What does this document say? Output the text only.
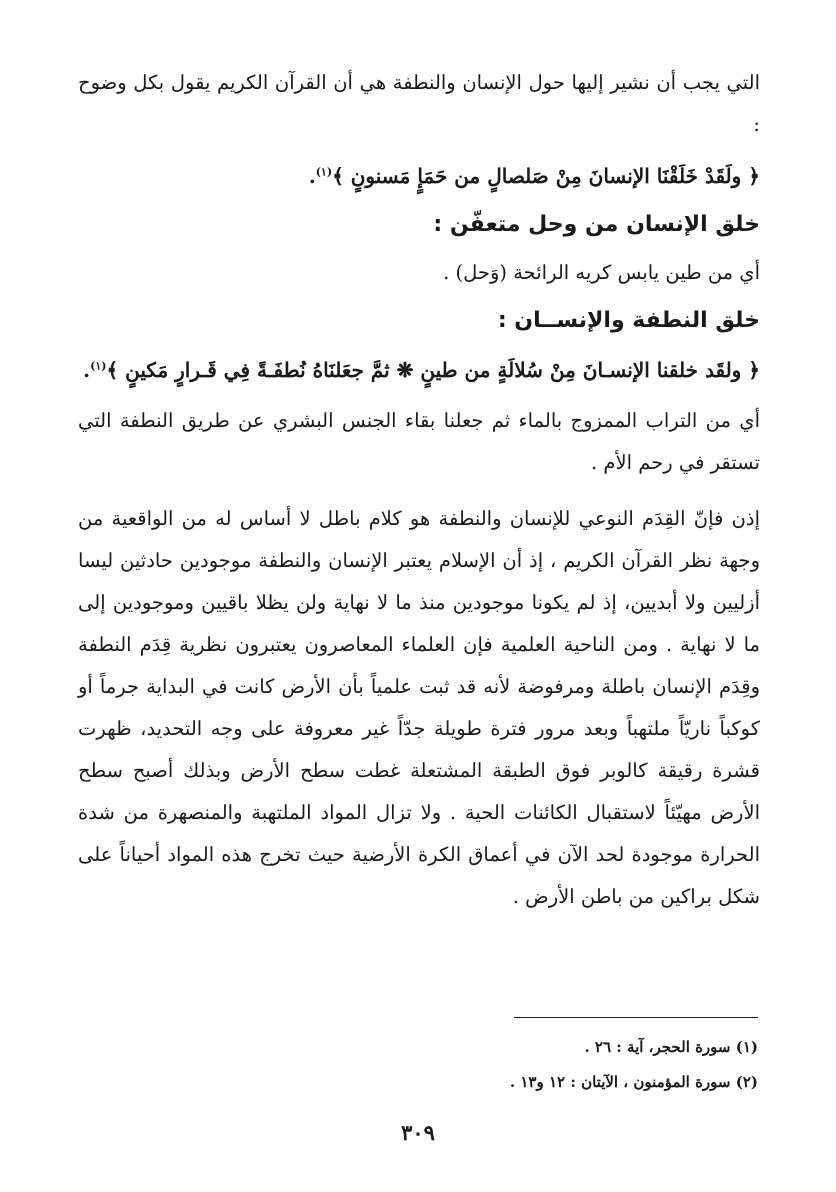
التي يجب أن نشير إليها حول الإنسان والنطفة هي أن القرآن الكريم يقول بكل وضوح :

﴿ ولَقَدْ خَلَقْنَا الإنسانَ مِنْ صَلصالٍ من حَمَإٍ مَسنونٍ ﴾$^{(١)}$.

خلق الإنسان من وحل متعفّن :

أي من طين يابس كريه الرائحة (وَحل) .

خلق النطفة والإنســان :

﴿ ولقَد خلقنا الإنسـانَ مِنْ سُلالَةٍ من طينٍ ❋ ثمَّ جعَلنَاهُ نُطفَـةً فِي قَـرارٍ مَكينٍ ﴾$^{(١)}$.

أي من التراب الممزوج بالماء ثم جعلنا بقاء الجنس البشري عن طريق النطفة التي تستقر في رحم الأم .

إذن فإنّ القِدَم النوعي للإنسان والنطفة هو كلام باطل لا أساس له من الواقعية من وجهة نظر القرآن الكريم ، إذ أن الإسلام يعتبر الإنسان والنطفة موجودين حادثين ليسا أزليين ولا أبديين، إذ لم يكونا موجودين منذ ما لا نهاية ولن يظلا باقيين وموجودين إلى ما لا نهاية . ومن الناحية العلمية فإن العلماء المعاصرون يعتبرون نظرية قِدَم النطفة وقِدَم الإنسان باطلة ومرفوضة لأنه قد ثبت علمياً بأن الأرض كانت في البداية جرماً أو كوكباً ناريّاً ملتهباً وبعد مرور فترة طويلة جدّاً غير معروفة على وجه التحديد، ظهرت قشرة رقيقة كالوبر فوق الطبقة المشتعلة غطت سطح الأرض وبذلك أصبح سطح الأرض مهيّئاً لاستقبال الكائنات الحية . ولا تزال المواد الملتهبة والمنصهرة من شدة الحرارة موجودة لحد الآن في أعماق الكرة الأرضية حيث تخرج هذه المواد أحياناً على شكل براكين من باطن الأرض .

(١) سورة الحجر، آية : ٢٦ .

(٢) سورة المؤمنون ، الآيتان : ١٢ و١٣ .

٣٠٩
